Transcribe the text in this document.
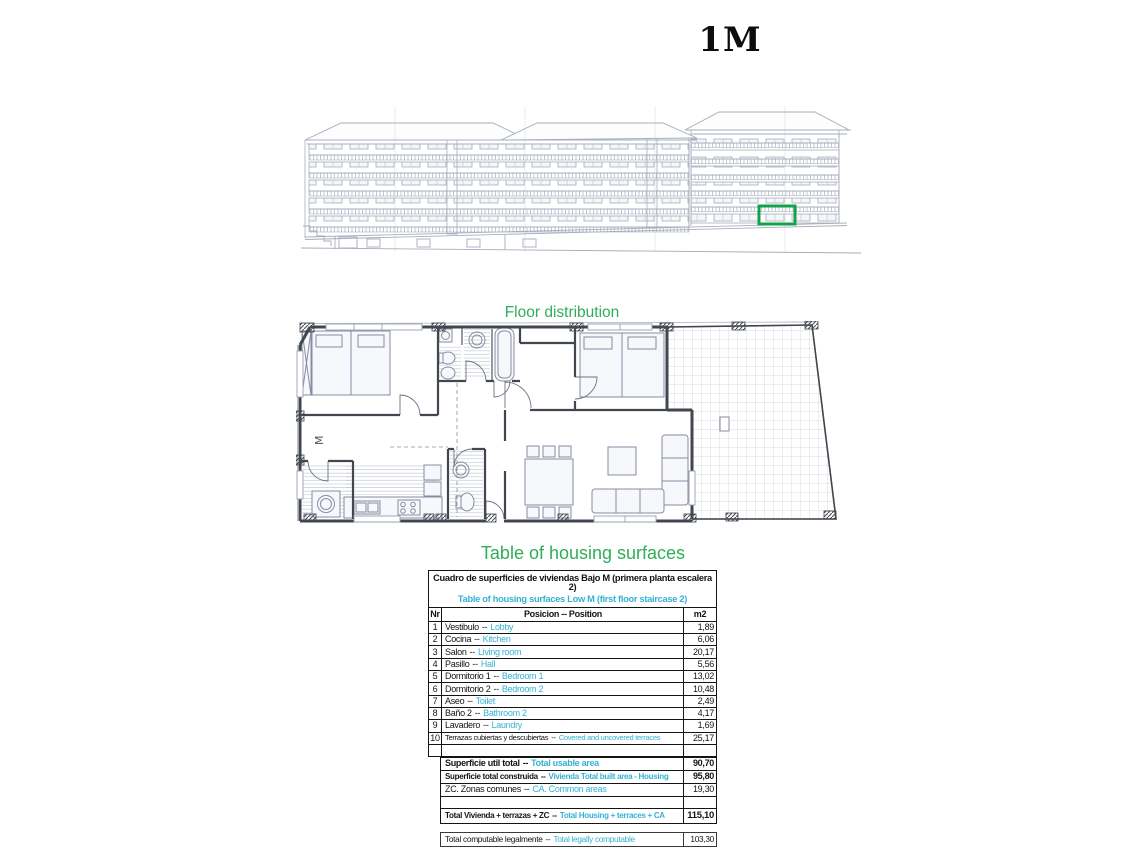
1M
Floor distribution
M
Table of housing surfaces
Cuadro de superficies de viviendas Bajo M (primera planta escalera 2)
Table of housing surfaces Low M (first floor staircase 2)
Nr	Posicion -- Position	m2
1 Vestibulo -- Lobby	1,89
2 Cocina -- Kitchen	6,06
3 Salon -- Living room	20,17
4 Pasillo -- Hall	5,56
5 Dormitorio 1 -- Bedroom 1	13,02
6 Dormitorio 2 -- Bedroom 2	10,48
7 Aseo -- Toilet	2,49
8 Baño 2 -- Bathroom 2	4,17
9 Lavadero -- Laundry	1,69
10 Terrazas cubiertas y descubiertas -- Covered and uncovered terraces	25,17
Superficie util total -- Total usable area	90,70
Superficie total construida -- Vivienda Total built area - Housing	95,80
ZC. Zonas comunes -- CA. Common areas	19,30
Total Vivienda + terrazas + ZC -- Total Housing + terraces + CA	115,10
Total computable legalmente -- Total legally computable	103,30
